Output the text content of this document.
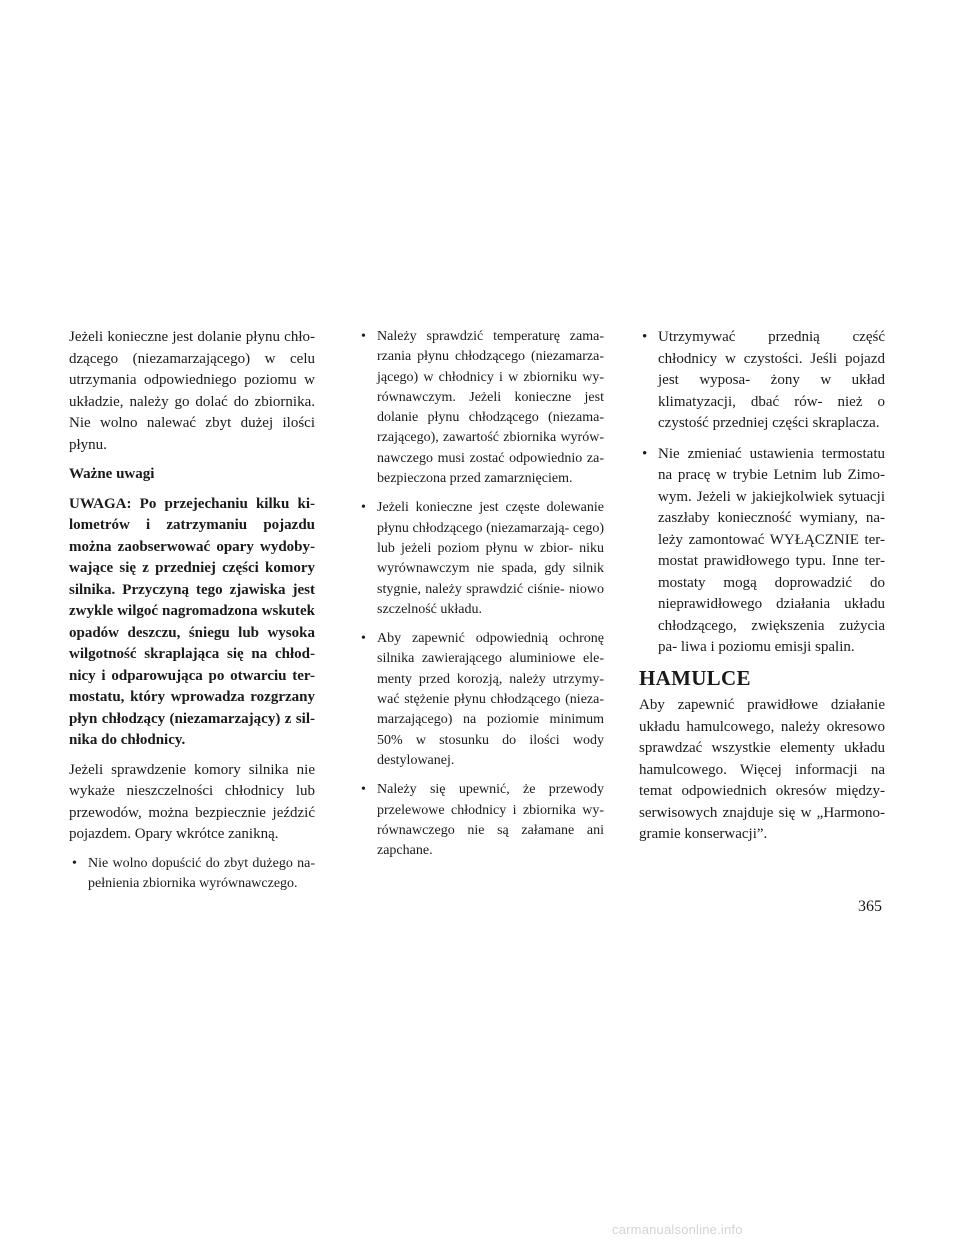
Jeżeli konieczne jest dolanie płynu chło- dzącego (niezamarzającego) w celu utrzymania odpowiedniego poziomu w układzie, należy go dolać do zbiornika. Nie wolno nalewać zbyt dużej ilości płynu.

Ważne uwagi

UWAGA: Po przejechaniu kilku ki- lometrów i zatrzymaniu pojazdu można zaobserwować opary wydoby- wające się z przedniej części komory silnika. Przyczyną tego zjawiska jest zwykle wilgoć nagromadzona wskutek opadów deszczu, śniegu lub wysoka wilgotność skraplająca się na chłod- nicy i odparowująca po otwarciu ter- mostatu, który wprowadza rozgrzany płyn chłodzący (niezamarzający) z sil- nika do chłodnicy.

Jeżeli sprawdzenie komory silnika nie wykaże nieszczelności chłodnicy lub przewodów, można bezpiecznie jeździć pojazdem. Opary wkrótce zanikną.

• Nie wolno dopuścić do zbyt dużego na- pełnienia zbiornika wyrównawczego.
• Należy sprawdzić temperaturę zama- rzania płynu chłodzącego (niezamarza- jącego) w chłodnicy i w zbiorniku wy- równawczym. Jeżeli konieczne jest dolanie płynu chłodzącego (niezama- rzającego), zawartość zbiornika wyrów- nawczego musi zostać odpowiednio za- bezpieczona przed zamarznięciem.
• Jeżeli konieczne jest częste dolewanie płynu chłodzącego (niezamarzają- cego) lub jeżeli poziom płynu w zbior- niku wyrównawczym nie spada, gdy silnik stygnie, należy sprawdzić ciśnie- niowo szczelność układu.
• Aby zapewnić odpowiednią ochronę silnika zawierającego aluminiowe ele- menty przed korozją, należy utrzymy- wać stężenie płynu chłodzącego (nieza- marzającego) na poziomie minimum 50% w stosunku do ilości wody destylowanej.
• Należy się upewnić, że przewody przelewowe chłodnicy i zbiornika wy- równawczego nie są załamane ani zapchane.
• Utrzymywać przednią część chłodnicy w czystości. Jeśli pojazd jest wyposa- żony w układ klimatyzacji, dbać rów- nież o czystość przedniej części skraplacza.
• Nie zmieniać ustawienia termostatu na pracę w trybie Letnim lub Zimo- wym. Jeżeli w jakiejkolwiek sytuacji zaszłaby konieczność wymiany, na- leży zamontować WYŁĄCZNIE ter- mostat prawidłowego typu. Inne ter- mostaty mogą doprowadzić do nieprawidłowego działania układu chłodzącego, zwiększenia zużycia pa- liwa i poziomu emisji spalin.
HAMULCE

Aby zapewnić prawidłowe działanie układu hamulcowego, należy okresowo sprawdzać wszystkie elementy układu hamulcowego. Więcej informacji na temat odpowiednich okresów między- serwisowych znajduje się w „Harmono- gramie konserwacji”.

365
carmanualsonline.info
